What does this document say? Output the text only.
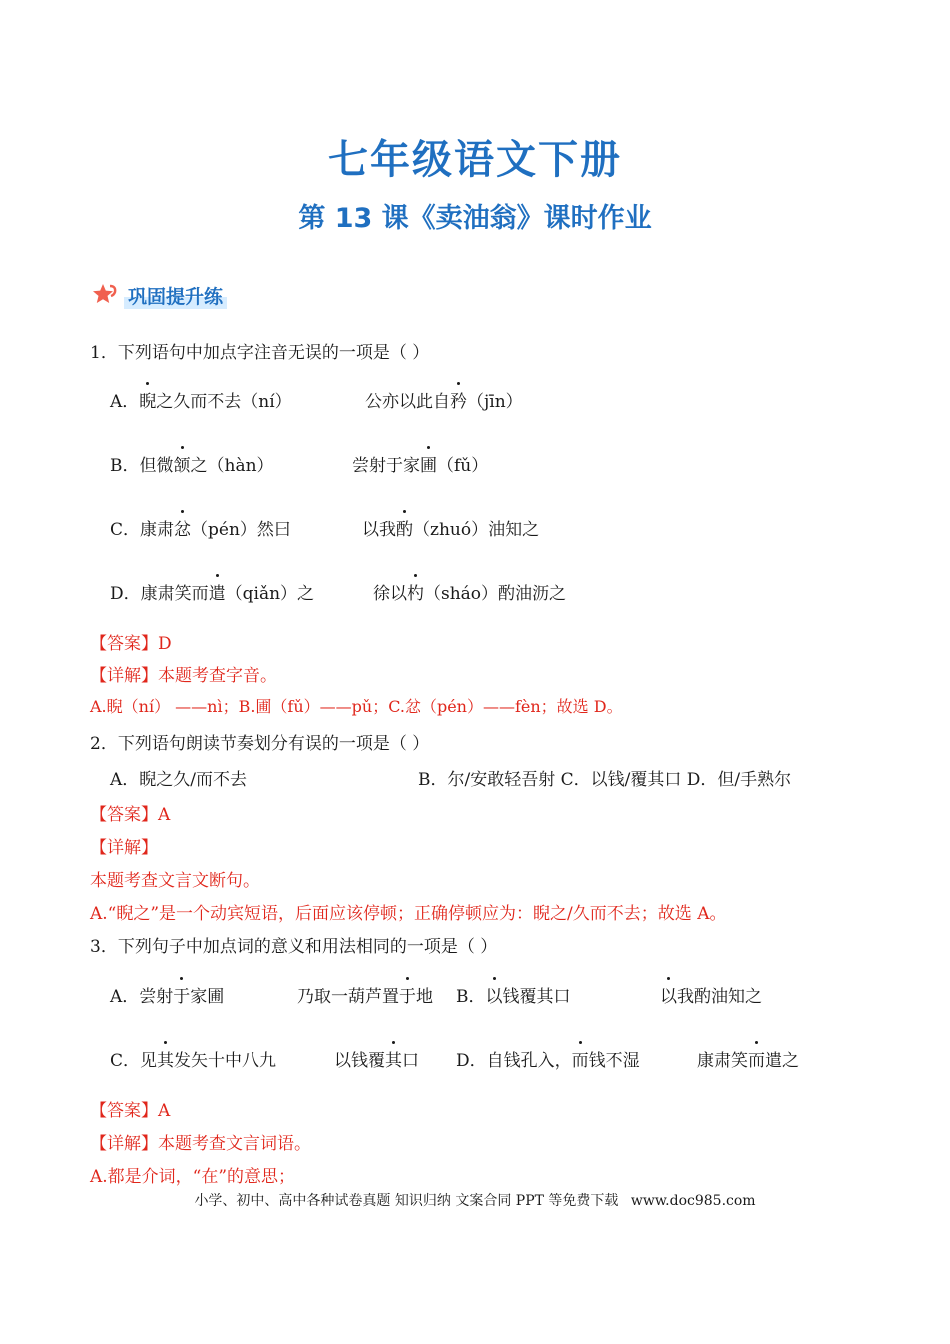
七年级语文下册
第 13 课《卖油翁》课时作业
巩固提升练
1．下列语句中加点字注音无误的一项是（ ）
A．睨之久而不去（ní）	公亦以此自矜（jīn）
B．但微颔之（hàn）	尝射于家圃（fǔ）
C．康肃忿（pén）然曰	以我酌（zhuó）油知之
D．康肃笑而遣（qiǎn）之	徐以杓（sháo）酌油沥之
【答案】D
【详解】本题考查字音。
A.睨（ní） ——nì；B.圃（fǔ）——pǔ；C.忿（pén）——fèn；故选 D。
2．下列语句朗读节奏划分有误的一项是（ ）
A．睨之久/而不去	B．尔/安敢轻吾射 C．以钱/覆其口 D．但/手熟尔
【答案】A
【详解】
本题考查文言文断句。
A.“睨之”是一个动宾短语，后面应该停顿；正确停顿应为：睨之/久而不去；故选 A。
3．下列句子中加点词的意义和用法相同的一项是（ ）
A．尝射于家圃	乃取一葫芦置于地 B．以钱覆其口	以我酌油知之
C．见其发矢十中八九	以钱覆其口 D．自钱孔入，而钱不湿	康肃笑而遣之
【答案】A
【详解】本题考查文言词语。
A.都是介词，“在”的意思；
小学、初中、高中各种试卷真题 知识归纳 文案合同 PPT 等免费下载 www.doc985.com
